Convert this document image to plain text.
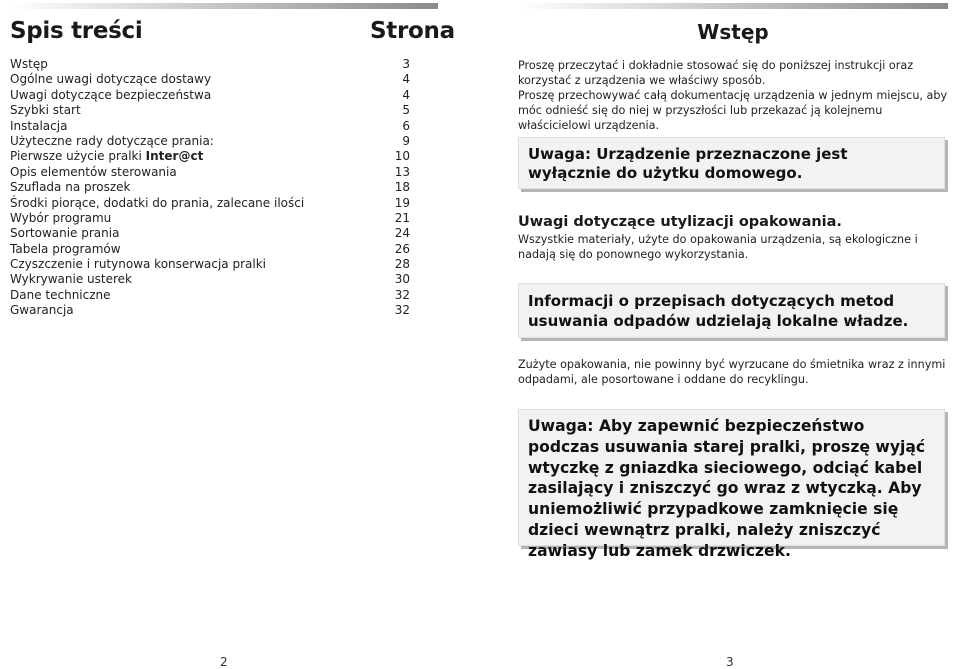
Spis treści	Strona
Wstęp	3
Ogólne uwagi dotyczące dostawy	4
Uwagi dotyczące bezpieczeństwa	4
Szybki start	5
Instalacja	6
Użyteczne rady dotyczące prania:	9
Pierwsze użycie pralki Inter@ct	10
Opis elementów sterowania	13
Szuflada na proszek	18
Środki piorące, dodatki do prania, zalecane ilości	19
Wybór programu	21
Sortowanie prania	24
Tabela programów	26
Czyszczenie i rutynowa konserwacja pralki	28
Wykrywanie usterek	30
Dane techniczne	32
Gwarancja	32
Wstęp

Proszę przeczytać i dokładnie stosować się do poniższej instrukcji oraz korzystać z urządzenia we właściwy sposób.

Proszę przechowywać całą dokumentację urządzenia w jednym miejscu, aby móc odnieść się do niej w przyszłości lub przekazać ją kolejnemu właścicielowi urządzenia.

Uwaga: Urządzenie przeznaczone jest wyłącznie do użytku domowego.

Uwagi dotyczące utylizacji opakowania.

Wszystkie materiały, użyte do opakowania urządzenia, są ekologiczne i nadają się do ponownego wykorzystania.

Informacji o przepisach dotyczących metod usuwania odpadów udzielają lokalne władze.

Zużyte opakowania, nie powinny być wyrzucane do śmietnika wraz z innymi odpadami, ale posortowane i oddane do recyklingu.

Uwaga: Aby zapewnić bezpieczeństwo podczas usuwania starej pralki, proszę wyjąć wtyczkę z gniazdka sieciowego, odciąć kabel zasilający i zniszczyć go wraz z wtyczką. Aby uniemożliwić przypadkowe zamknięcie się dzieci wewnątrz pralki, należy zniszczyć zawiasy lub zamek drzwiczek.

2	3
